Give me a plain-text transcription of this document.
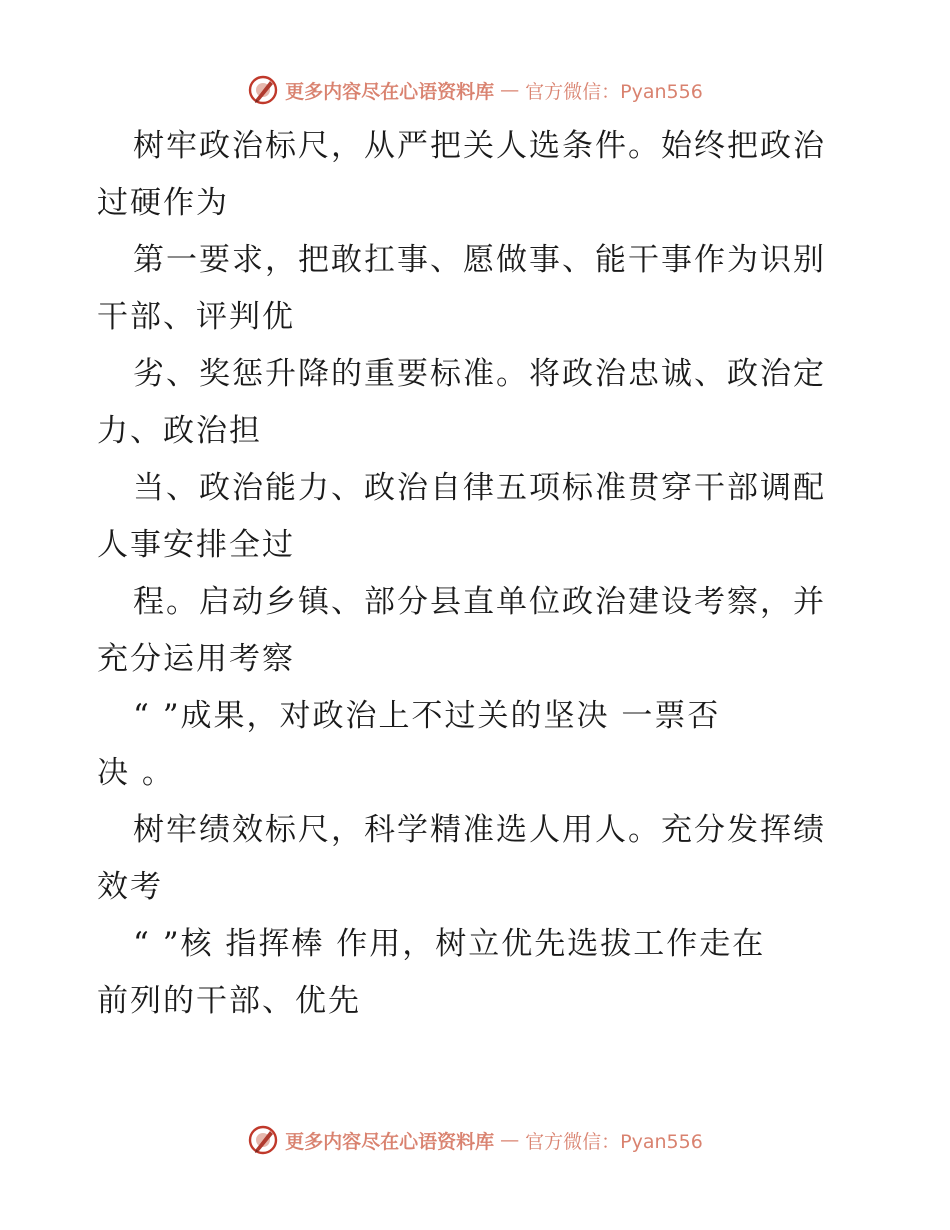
更多内容尽在心语资料库 — 官方微信：Pyan556
树牢政治标尺，从严把关人选条件。始终把政治
过硬作为
第一要求，把敢扛事、愿做事、能干事作为识别
干部、评判优
劣、奖惩升降的重要标准。将政治忠诚、政治定
力、政治担
当、政治能力、政治自律五项标准贯穿干部调配
人事安排全过
程。启动乡镇、部分县直单位政治建设考察，并
充分运用考察
“ ”成果，对政治上不过关的坚决 一票否
决 。
树牢绩效标尺，科学精准选人用人。充分发挥绩
效考
“ ”核 指挥棒 作用，树立优先选拔工作走在
前列的干部、优先
更多内容尽在心语资料库 — 官方微信：Pyan556
